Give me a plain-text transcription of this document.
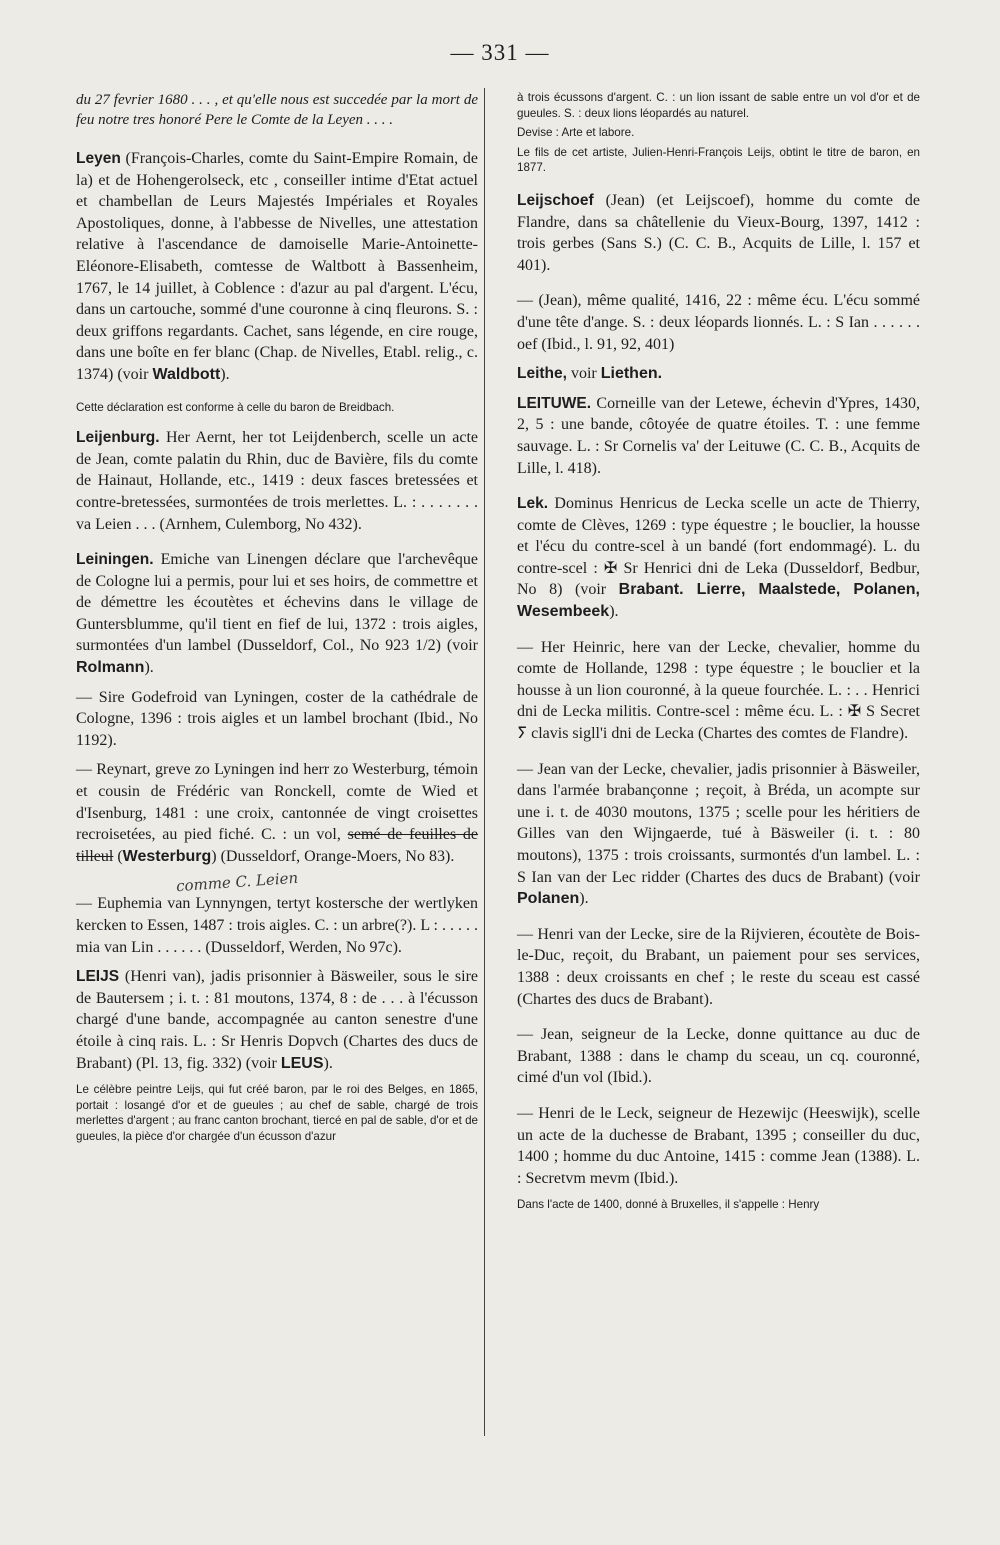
— 331 —

du 27 fevrier 1680 . . . , et qu'elle nous est succedée par la mort de feu notre tres honoré Pere le Comte de la Leyen . . . .

Leyen (François-Charles, comte du Saint-Empire Romain, de la) et de Hohengerolseck, etc , conseiller intime d'Etat actuel et chambellan de Leurs Majestés Impériales et Royales Apostoliques, donne, à l'abbesse de Nivelles, une attestation relative à l'ascendance de damoiselle Marie-Antoinette-Eléonore-Elisabeth, comtesse de Waltbott à Bassenheim, 1767, le 14 juillet, à Coblence : d'azur au pal d'argent. L'écu, dans un cartouche, sommé d'une couronne à cinq fleurons. S. : deux griffons regardants. Cachet, sans légende, en cire rouge, dans une boîte en fer blanc (Chap. de Nivelles, Etabl. relig., c. 1374) (voir Waldbott).

Cette déclaration est conforme à celle du baron de Breidbach.

Leijenburg. Her Aernt, her tot Leijdenberch, scelle un acte de Jean, comte palatin du Rhin, duc de Bavière, fils du comte de Hainaut, Hollande, etc., 1419 : deux fasces bretessées et contre-bretessées, surmontées de trois merlettes. L. : . . . . . . . va Leien . . . (Arnhem, Culemborg, No 432).

Leiningen. Emiche van Linengen déclare que l'archevêque de Cologne lui a permis, pour lui et ses hoirs, de commettre et de démettre les écoutètes et échevins dans le village de Guntersblumme, qu'il tient en fief de lui, 1372 : trois aigles, surmontées d'un lambel (Dusseldorf, Col., No 923 1/2) (voir Rolmann).

— Sire Godefroid van Lyningen, coster de la cathédrale de Cologne, 1396 : trois aigles et un lambel brochant (Ibid., No 1192).

— Reynart, greve zo Lyningen ind herr zo Westerburg, témoin et cousin de Frédéric van Ronckell, comte de Wied et d'Isenburg, 1481 : une croix, cantonnée de vingt croisettes recroisetées, au pied fiché. C. : un vol, semé de feuilles de tilleul (Westerburg) (Dusseldorf, Orange-Moers, No 83).

comme C. Leien

— Euphemia van Lynnyngen, tertyt kostersche der wertlyken kercken to Essen, 1487 : trois aigles. C. : un arbre(?). L : . . . . . mia van Lin . . . . . . (Dusseldorf, Werden, No 97c).

LEIJS (Henri van), jadis prisonnier à Bäsweiler, sous le sire de Bautersem ; i. t. : 81 moutons, 1374, 8 : de . . . à l'écusson chargé d'une bande, accompagnée au canton senestre d'une étoile à cinq rais. L. : Sr Henris Dopvch (Chartes des ducs de Brabant) (Pl. 13, fig. 332) (voir LEUS).

Le célèbre peintre Leijs, qui fut créé baron, par le roi des Belges, en 1865, portait : losangé d'or et de gueules ; au chef de sable, chargé de trois merlettes d'argent ; au franc canton brochant, tiercé en pal de sable, d'or et de gueules, la pièce d'or chargée d'un écusson d'azur

à trois écussons d'argent. C. : un lion issant de sable entre un vol d'or et de gueules. S. : deux lions léopardés au naturel.

Devise : Arte et labore.

Le fils de cet artiste, Julien-Henri-François Leijs, obtint le titre de baron, en 1877.

Leijschoef (Jean) (et Leijscoef), homme du comte de Flandre, dans sa châtellenie du Vieux-Bourg, 1397, 1412 : trois gerbes (Sans S.) (C. C. B., Acquits de Lille, l. 157 et 401).

— (Jean), même qualité, 1416, 22 : même écu. L'écu sommé d'une tête d'ange. S. : deux léopards lionnés. L. : S Ian . . . . . . oef (Ibid., l. 91, 92, 401)

Leithe, voir Liethen.

LEITUWE. Corneille van der Letewe, échevin d'Ypres, 1430, 2, 5 : une bande, côtoyée de quatre étoiles. T. : une femme sauvage. L. : Sr Cornelis va' der Leituwe (C. C. B., Acquits de Lille, l. 418).

Lek. Dominus Henricus de Lecka scelle un acte de Thierry, comte de Clèves, 1269 : type équestre ; le bouclier, la housse et l'écu du contre-scel à un bandé (fort endommagé). L. du contre-scel : ✠ Sr Henrici dni de Leka (Dusseldorf, Bedbur, No 8) (voir Brabant. Lierre, Maalstede, Polanen, Wesembeek).

— Her Heinric, here van der Lecke, chevalier, homme du comte de Hollande, 1298 : type équestre ; le bouclier et la housse à un lion couronné, à la queue fourchée. L. : . . Henrici dni de Lecka militis. Contre-scel : même écu. L. : ✠ S Secret ⵢ clavis sigll'i dni de Lecka (Chartes des comtes de Flandre).

— Jean van der Lecke, chevalier, jadis prisonnier à Bäsweiler, dans l'armée brabançonne ; reçoit, à Bréda, un acompte sur une i. t. de 4030 moutons, 1375 ; scelle pour les héritiers de Gilles van den Wijngaerde, tué à Bäsweiler (i. t. : 80 moutons), 1375 : trois croissants, surmontés d'un lambel. L. : S Ian van der Lec ridder (Chartes des ducs de Brabant) (voir Polanen).

— Henri van der Lecke, sire de la Rijvieren, écoutète de Bois-le-Duc, reçoit, du Brabant, un paiement pour ses services, 1388 : deux croissants en chef ; le reste du sceau est cassé (Chartes des ducs de Brabant).

— Jean, seigneur de la Lecke, donne quittance au duc de Brabant, 1388 : dans le champ du sceau, un cq. couronné, cimé d'un vol (Ibid.).

— Henri de le Leck, seigneur de Hezewijc (Heeswijk), scelle un acte de la duchesse de Brabant, 1395 ; conseiller du duc, 1400 ; homme du duc Antoine, 1415 : comme Jean (1388). L. : Secretvm mevm (Ibid.).

Dans l'acte de 1400, donné à Bruxelles, il s'appelle : Henry
